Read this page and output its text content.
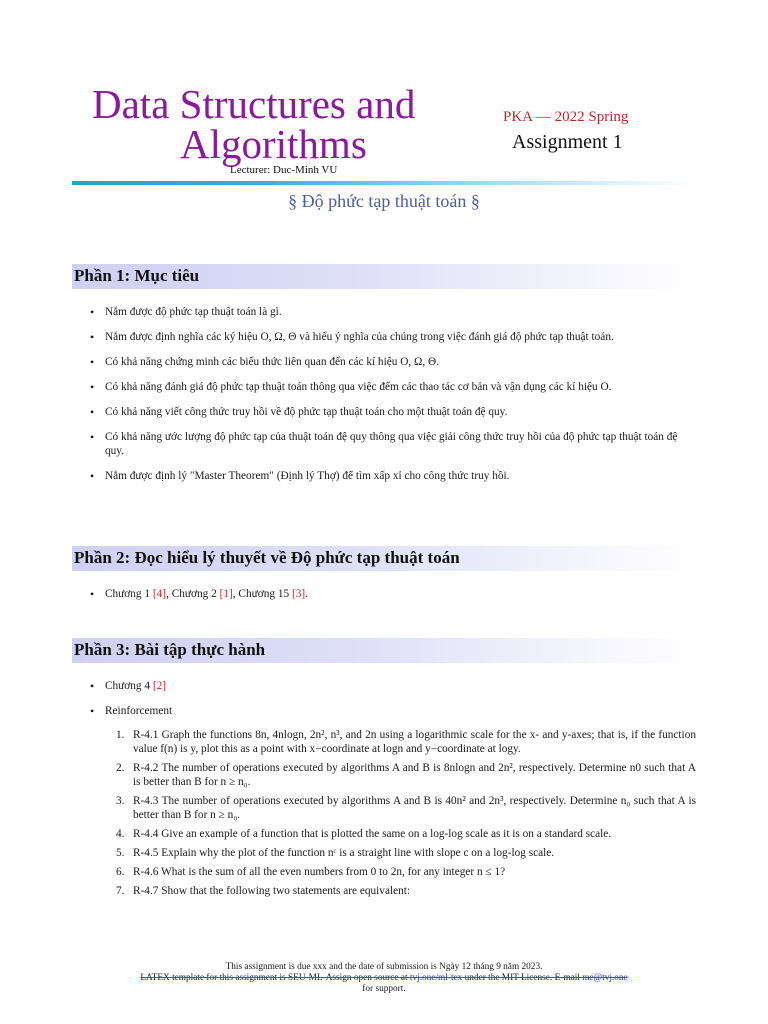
Data Structures and
Algorithms
PKA — 2022 Spring
Assignment 1
Lecturer: Duc-Minh VU
§ Độ phức tạp thuật toán §
Phần 1: Mục tiêu
• Nắm được độ phức tạp thuật toán là gì.
• Nắm được định nghĩa các ký hiệu O, Ω, Θ và hiểu ý nghĩa của chúng trong việc đánh giá độ phức tạp thuật toán.
• Có khả năng chứng minh các biểu thức liên quan đến các kí hiệu O, Ω, Θ.
• Có khả năng đánh giá độ phức tạp thuật toán thông qua việc đếm các thao tác cơ bản và vận dụng các kí hiệu O.
• Có khả năng viết công thức truy hồi về độ phức tạp thuật toán cho một thuật toán đệ quy.
• Có khả năng ước lượng độ phức tạp của thuật toán đệ quy thông qua việc giải công thức truy hồi của độ phức tạp thuật toán đệ quy.
• Nắm được định lý "Master Theorem" (Định lý Thợ) để tìm xấp xỉ cho công thức truy hồi.
Phần 2: Đọc hiểu lý thuyết về Độ phức tạp thuật toán
• Chương 1 [4], Chương 2 [1], Chương 15 [3].
Phần 3: Bài tập thực hành
• Chương 4 [2]
• Reinforcement
1. R-4.1 Graph the functions 8n, 4nlogn, 2n², n³, and 2n using a logarithmic scale for the x- and y-axes; that is, if the function value f(n) is y, plot this as a point with x−coordinate at logn and y−coordinate at logy.
2. R-4.2 The number of operations executed by algorithms A and B is 8nlogn and 2n², respectively. Determine n0 such that A is better than B for n ≥ n₀.
3. R-4.3 The number of operations executed by algorithms A and B is 40n² and 2n³, respectively. Determine n₀ such that A is better than B for n ≥ n₀.
4. R-4.4 Give an example of a function that is plotted the same on a log-log scale as it is on a standard scale.
5. R-4.5 Explain why the plot of the function nᶜ is a straight line with slope c on a log-log scale.
6. R-4.6 What is the sum of all the even numbers from 0 to 2n, for any integer n ≤ 1?
7. R-4.7 Show that the following two statements are equivalent:
This assignment is due xxx and the date of submission is Ngày 12 tháng 9 năm 2023.
LATEX template for this assignment is SEU-ML-Assign open source at tvj.one/ml-tex under the MIT License. E-mail me@tvj.one
for support.
